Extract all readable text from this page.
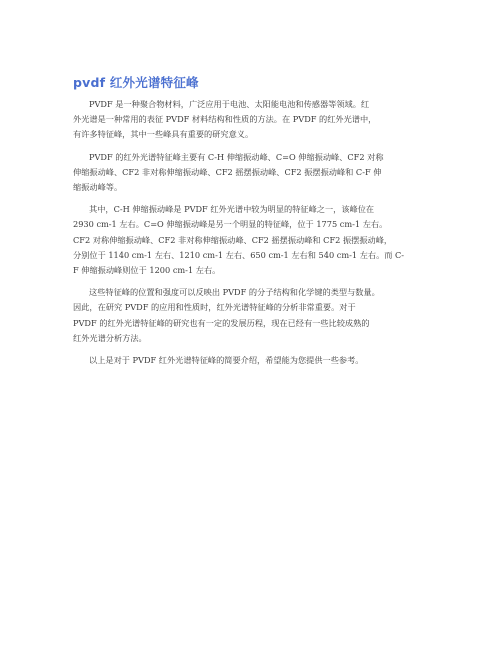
pvdf 红外光谱特征峰

PVDF 是一种聚合物材料，广泛应用于电池、太阳能电池和传感器等领域。红
外光谱是一种常用的表征 PVDF 材料结构和性质的方法。在 PVDF 的红外光谱中，
有许多特征峰，其中一些峰具有重要的研究意义。

PVDF 的红外光谱特征峰主要有 C-H 伸缩振动峰、C=O 伸缩振动峰、CF2 对称
伸缩振动峰、CF2 非对称伸缩振动峰、CF2 摇摆振动峰、CF2 振摆振动峰和 C-F 伸
缩振动峰等。

其中，C-H 伸缩振动峰是 PVDF 红外光谱中较为明显的特征峰之一，该峰位在
2930 cm-1 左右。C=O 伸缩振动峰是另一个明显的特征峰，位于 1775 cm-1 左右。
CF2 对称伸缩振动峰、CF2 非对称伸缩振动峰、CF2 摇摆振动峰和 CF2 振摆振动峰，
分别位于 1140 cm-1 左右、1210 cm-1 左右、650 cm-1 左右和 540 cm-1 左右。而 C-
F 伸缩振动峰则位于 1200 cm-1 左右。

这些特征峰的位置和强度可以反映出 PVDF 的分子结构和化学键的类型与数量。
因此，在研究 PVDF 的应用和性质时，红外光谱特征峰的分析非常重要。对于
PVDF 的红外光谱特征峰的研究也有一定的发展历程，现在已经有一些比较成熟的
红外光谱分析方法。

以上是对于 PVDF 红外光谱特征峰的简要介绍，希望能为您提供一些参考。
